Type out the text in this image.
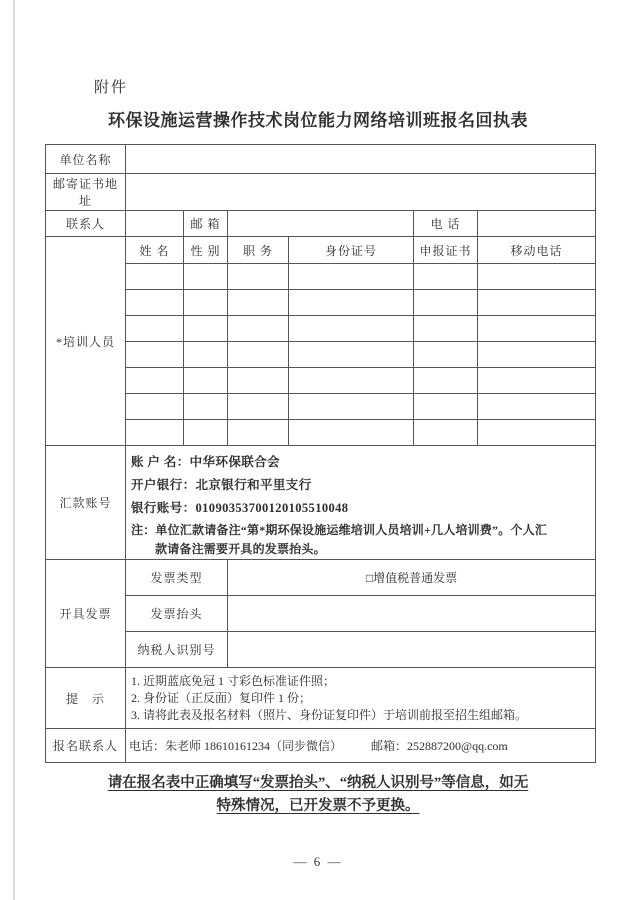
附件
环保设施运营操作技术岗位能力网络培训班报名回执表
单位名称						
邮寄证书地址						
联系人		邮 箱			电 话	
*培训人员	姓 名	性 别	职 务	身份证号	申报证书	移动电话

汇款账号	账 户 名：中华环保联合会
开户银行：北京银行和平里支行
银行账号：01090353700120105510048
注：单位汇款请备注“第*期环保设施运维培训人员培训+几人培训费”。个人汇
款请备注需要开具的发票抬头。					

开具发票	发票类型		□增值税普通发票			
	发票抬头					
	纳税人识别号					
提　示	1. 近期蓝底免冠 1 寸彩色标准证件照；
2. 身份证（正反面）复印件 1 份；
3. 请将此表及报名材料（照片、身份证复印件）于培训前报至招生组邮箱。					

报名联系人	电话：朱老师 18610161234（同步微信） 邮箱：252887200@qq.com					
请在报名表中正确填写“发票抬头”、“纳税人识别号”等信息，如无
特殊情况，已开发票不予更换。
— 6 —
